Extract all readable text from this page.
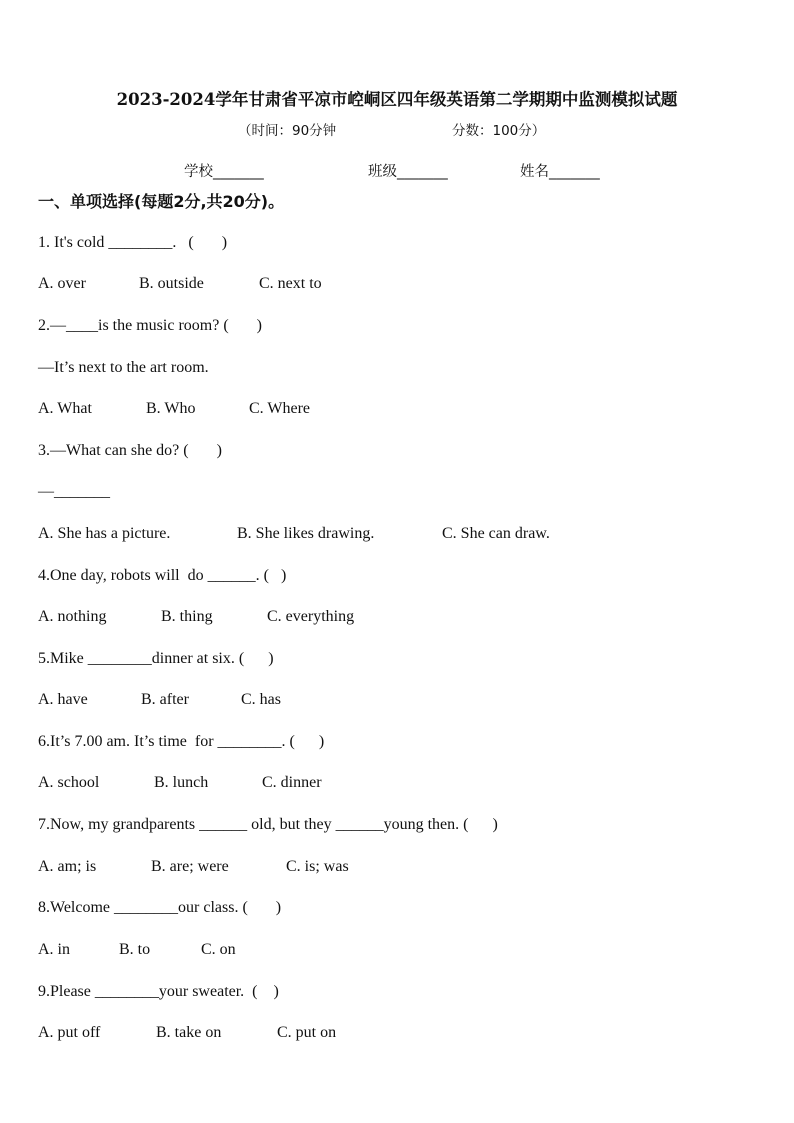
2023-2024学年甘肃省平凉市崆峒区四年级英语第二学期期中监测模拟试题
（时间：90分钟	分数：100分）
学校_______	班级_______	姓名_______
一、单项选择(每题2分,共20分)。
1. It's cold ________.   (       )
A. over	B. outside	C. next to
2.—____is the music room? (       )
—It’s next to the art room.
A. What	B. Who	C. Where
3.—What can she do? (       )
—_______
A. She has a picture.	B. She likes drawing.	C. She can draw.
4.One day, robots will  do ______. (   )
A. nothing	B. thing	C. everything
5.Mike ________dinner at six. (      )
A. have	B. after	C. has
6.It’s 7.00 am. It’s time  for ________. (      )
A. school	B. lunch	C. dinner
7.Now, my grandparents ______ old, but they ______young then. (      )
A. am; is	B. are; were	C. is; was
8.Welcome ________our class. (       )
A. in	B. to	C. on
9.Please ________your sweater.  (    )
A. put off	B. take on	C. put on
